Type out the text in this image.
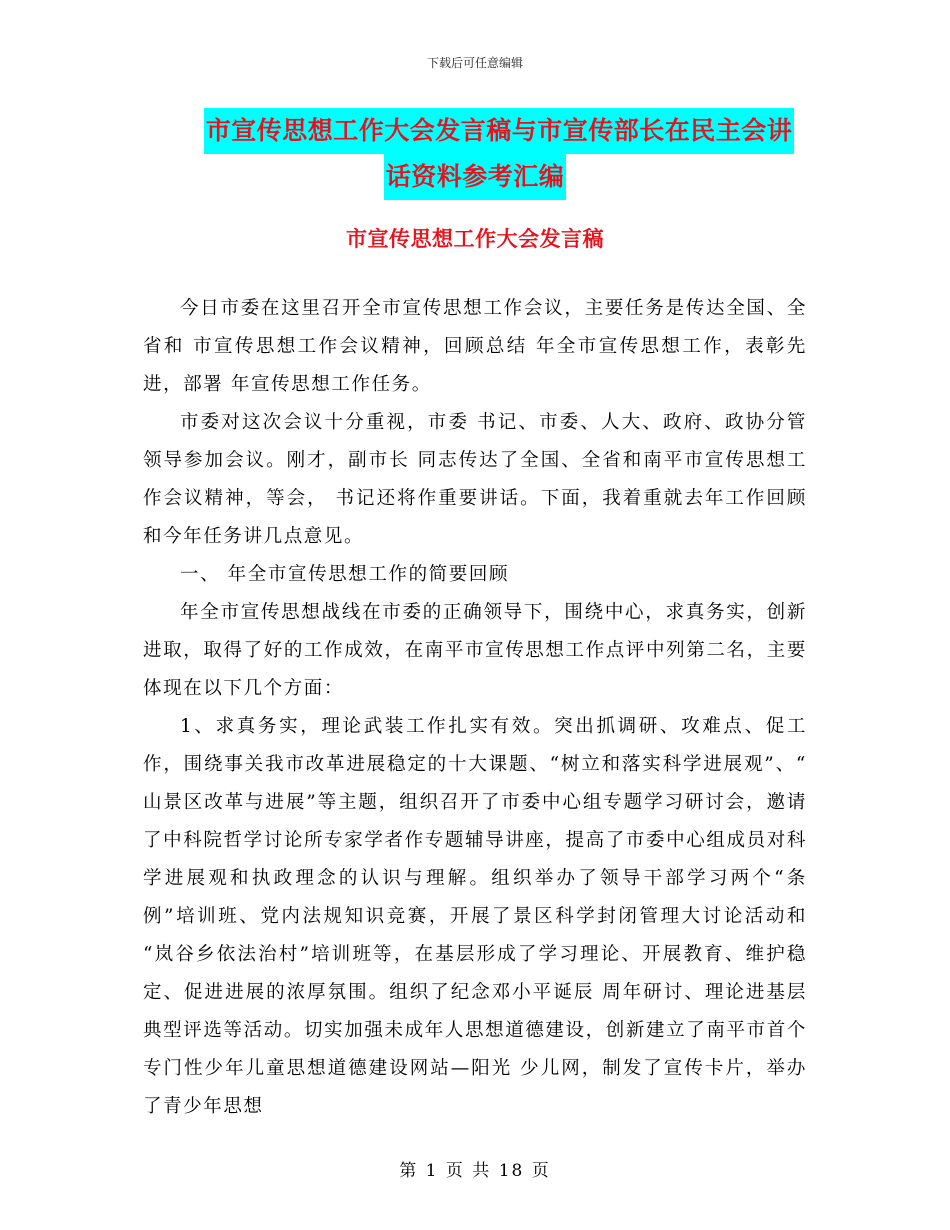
下载后可任意编辑
市宣传思想工作大会发言稿与市宣传部长在民主会讲
话资料参考汇编
市宣传思想工作大会发言稿

今日市委在这里召开全市宣传思想工作会议，主要任务是传达全国、全省和 市宣传思想工作会议精神，回顾总结 年全市宣传思想工作，表彰先进，部署 年宣传思想工作任务。

市委对这次会议十分重视，市委 书记、市委、人大、政府、政协分管领导参加会议。刚才，副市长 同志传达了全国、全省和南平市宣传思想工作会议精神，等会， 书记还将作重要讲话。下面，我着重就去年工作回顾和今年任务讲几点意见。

一、 年全市宣传思想工作的简要回顾

年全市宣传思想战线在市委的正确领导下，围绕中心，求真务实，创新进取，取得了好的工作成效，在南平市宣传思想工作点评中列第二名，主要体现在以下几个方面：

1、求真务实，理论武装工作扎实有效。突出抓调研、攻难点、促工作，围绕事关我市改革进展稳定的十大课题、“树立和落实科学进展观”、“ 山景区改革与进展”等主题，组织召开了市委中心组专题学习研讨会，邀请了中科院哲学讨论所专家学者作专题辅导讲座，提高了市委中心组成员对科学进展观和执政理念的认识与理解。组织举办了领导干部学习两个“条例”培训班、党内法规知识竞赛，开展了景区科学封闭管理大讨论活动和 “岚谷乡依法治村”培训班等，在基层形成了学习理论、开展教育、维护稳定、促进进展的浓厚氛围。组织了纪念邓小平诞辰 周年研讨、理论进基层典型评选等活动。切实加强未成年人思想道德建设，创新建立了南平市首个专门性少年儿童思想道德建设网站—阳光 少儿网，制发了宣传卡片，举办了青少年思想

第 1 页 共 18 页
